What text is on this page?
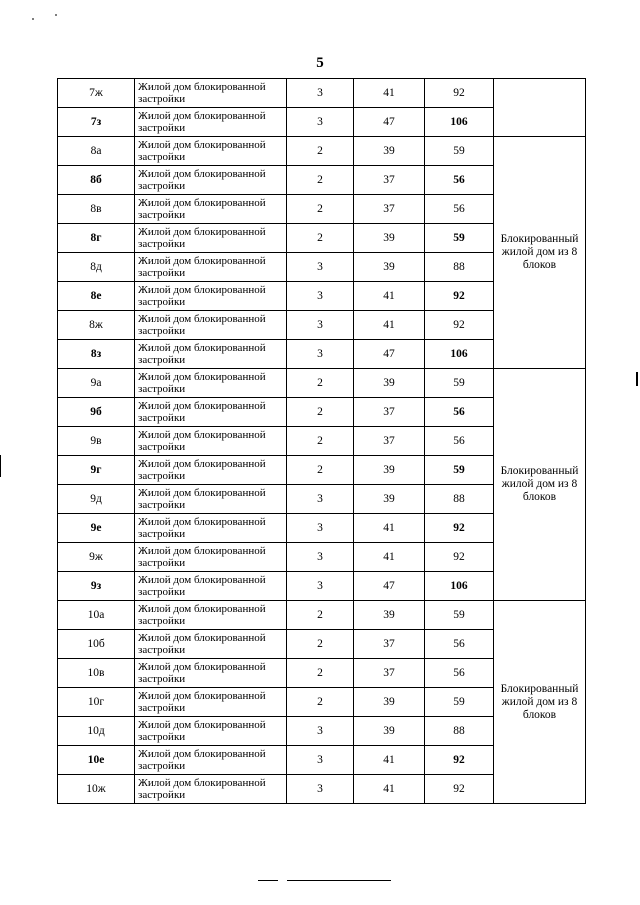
5
7ж	Жилой дом блокированной застройки	3	41	92	
7з	Жилой дом блокированной застройки	3	47	106	
8а	Жилой дом блокированной застройки	2	39	59	Блокированный жилой дом из 8 блоков
8б	Жилой дом блокированной застройки	2	37	56	
8в	Жилой дом блокированной застройки	2	37	56	
8г	Жилой дом блокированной застройки	2	39	59	
8д	Жилой дом блокированной застройки	3	39	88	
8е	Жилой дом блокированной застройки	3	41	92	
8ж	Жилой дом блокированной застройки	3	41	92	
8з	Жилой дом блокированной застройки	3	47	106	
9а	Жилой дом блокированной застройки	2	39	59	Блокированный жилой дом из 8 блоков
9б	Жилой дом блокированной застройки	2	37	56	
9в	Жилой дом блокированной застройки	2	37	56	
9г	Жилой дом блокированной застройки	2	39	59	
9д	Жилой дом блокированной застройки	3	39	88	
9е	Жилой дом блокированной застройки	3	41	92	
9ж	Жилой дом блокированной застройки	3	41	92	
9з	Жилой дом блокированной застройки	3	47	106	
10а	Жилой дом блокированной застройки	2	39	59	Блокированный жилой дом из 8 блоков
10б	Жилой дом блокированной застройки	2	37	56	
10в	Жилой дом блокированной застройки	2	37	56	
10г	Жилой дом блокированной застройки	2	39	59	
10д	Жилой дом блокированной застройки	3	39	88	
10е	Жилой дом блокированной застройки	3	41	92	
10ж	Жилой дом блокированной застройки	3	41	92	
